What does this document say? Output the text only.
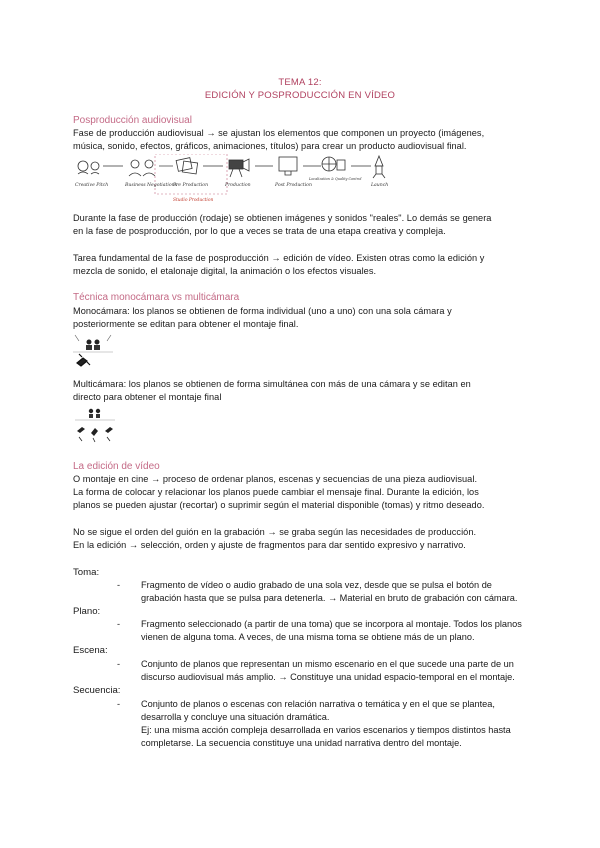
TEMA 12:
EDICIÓN Y POSPRODUCCIÓN EN VÍDEO
Posproducción audiovisual
Fase de producción audiovisual → se ajustan los elementos que componen un proyecto (imágenes,
música, sonido, efectos, gráficos, animaciones, títulos) para crear un producto audiovisual final.
Creative Pitch	Business Negotiations
Pre Production	Production	Post Production
Localization & Quality Control
Launch
Studio Production
Durante la fase de producción (rodaje) se obtienen imágenes y sonidos "reales". Lo demás se genera
en la fase de posproducción, por lo que a veces se trata de una etapa creativa y compleja.
Tarea fundamental de la fase de posproducción → edición de vídeo. Existen otras como la edición y
mezcla de sonido, el etalonaje digital, la animación o los efectos visuales.
Técnica monocámara vs multicámara
Monocámara: los planos se obtienen de forma individual (uno a uno) con una sola cámara y
posteriormente se editan para obtener el montaje final.
Multicámara: los planos se obtienen de forma simultánea con más de una cámara y se editan en
directo para obtener el montaje final
La edición de vídeo
O montaje en cine → proceso de ordenar planos, escenas y secuencias de una pieza audiovisual.
La forma de colocar y relacionar los planos puede cambiar el mensaje final. Durante la edición, los
planos se pueden ajustar (recortar) o suprimir según el material disponible (tomas) y ritmo deseado.
No se sigue el orden del guión en la grabación → se graba según las necesidades de producción.
En la edición → selección, orden y ajuste de fragmentos para dar sentido expresivo y narrativo.
Toma:
- Fragmento de vídeo o audio grabado de una sola vez, desde que se pulsa el botón de
grabación hasta que se pulsa para detenerla. → Material en bruto de grabación con cámara.
Plano:
- Fragmento seleccionado (a partir de una toma) que se incorpora al montaje. Todos los planos
vienen de alguna toma. A veces, de una misma toma se obtiene más de un plano.
Escena:
- Conjunto de planos que representan un mismo escenario en el que sucede una parte de un
discurso audiovisual más amplio. → Constituye una unidad espacio-temporal en el montaje.
Secuencia:
- Conjunto de planos o escenas con relación narrativa o temática y en el que se plantea,
desarrolla y concluye una situación dramática.
Ej: una misma acción compleja desarrollada en varios escenarios y tiempos distintos hasta
completarse. La secuencia constituye una unidad narrativa dentro del montaje.
